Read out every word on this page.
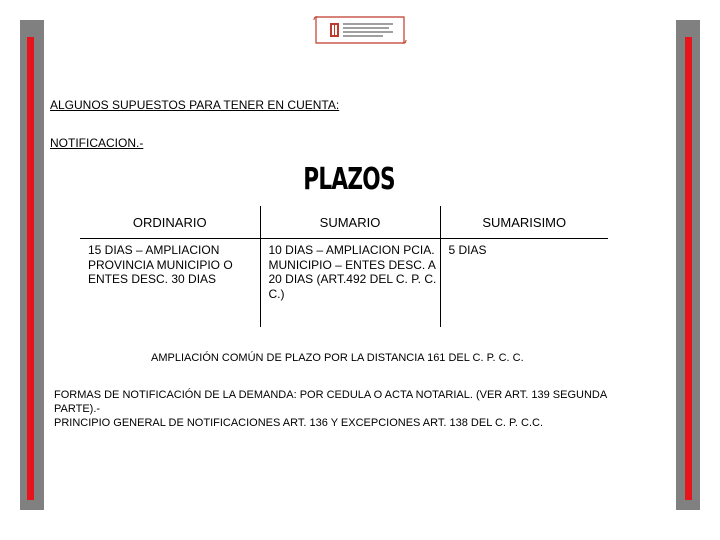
ALGUNOS SUPUESTOS PARA TENER EN CUENTA:
NOTIFICACION.-
PLAZOS
ORDINARIO	SUMARIO	SUMARISIMO
15 DIAS – AMPLIACION PROVINCIA MUNICIPIO O ENTES DESC. 30 DIAS	10 DIAS – AMPLIACION PCIA. MUNICIPIO – ENTES DESC. A 20 DIAS (ART.492 DEL C. P. C. C.)	5 DIAS
AMPLIACIÓN COMÚN DE PLAZO POR LA DISTANCIA 161 DEL C. P. C. C.
FORMAS DE NOTIFICACIÓN DE LA DEMANDA: POR CEDULA O ACTA NOTARIAL. (VER ART. 139 SEGUNDA PARTE).-
PRINCIPIO GENERAL DE NOTIFICACIONES ART. 136 Y EXCEPCIONES ART. 138 DEL C. P. C.C.
